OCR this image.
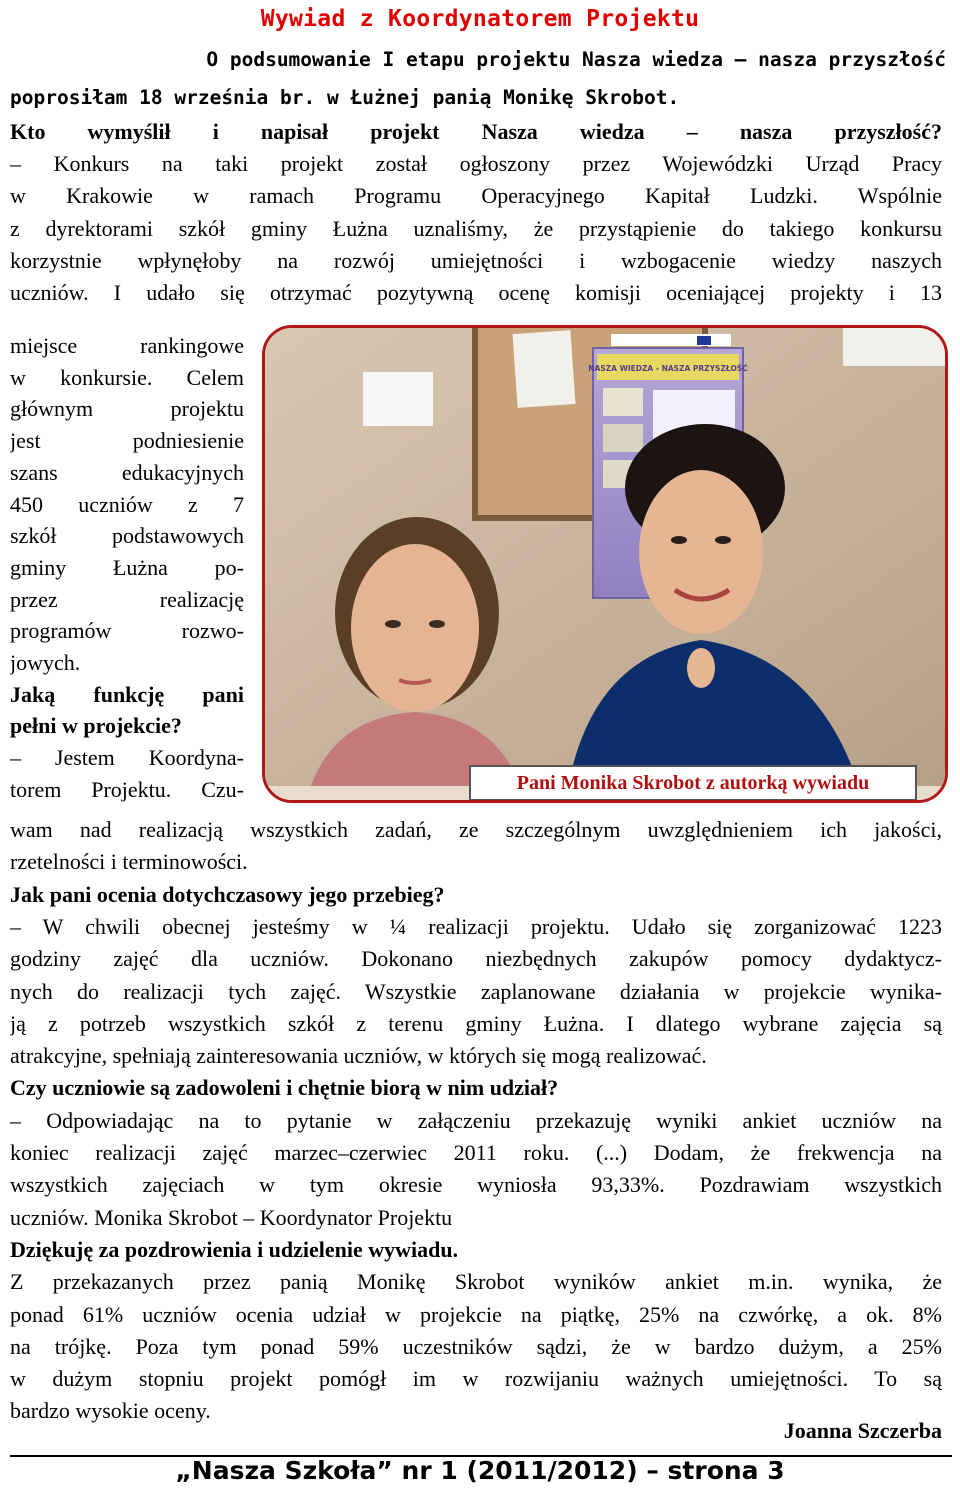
Wywiad z Koordynatorem Projektu
O podsumowanie I etapu projektu Nasza wiedza – nasza przyszłość
poprosiłam 18 września br. w Łużnej panią Monikę Skrobot.
Kto wymyślił i napisał projekt Nasza wiedza – nasza przyszłość?
– Konkurs na taki projekt został ogłoszony przez Wojewódzki Urząd Pracy
w Krakowie w ramach Programu Operacyjnego Kapitał Ludzki. Wspólnie
z dyrektorami szkół gminy Łużna uznaliśmy, że przystąpienie do takiego konkursu
korzystnie wpłynęłoby na rozwój umiejętności i wzbogacenie wiedzy naszych
uczniów. I udało się otrzymać pozytywną ocenę komisji oceniającej projekty i 13
miejsce rankingowe
w konkursie. Celem
głównym projektu
jest podniesienie
szans edukacyjnych
450 uczniów z 7
szkół podstawowych
gminy Łużna po-
przez realizację
programów rozwo-
jowych.
Jaką funkcję pani
pełni w projekcie?
– Jestem Koordyna-
torem Projektu. Czu-
wam nad realizacją wszystkich zadań, ze szczególnym uwzględnieniem ich jakości,
rzetelności i terminowości.
Jak pani ocenia dotychczasowy jego przebieg?
– W chwili obecnej jesteśmy w ¼ realizacji projektu. Udało się zorganizować 1223
godziny zajęć dla uczniów. Dokonano niezbędnych zakupów pomocy dydaktycz-
nych do realizacji tych zajęć. Wszystkie zaplanowane działania w projekcie wynika-
ją z potrzeb wszystkich szkół z terenu gminy Łużna. I dlatego wybrane zajęcia są
atrakcyjne, spełniają zainteresowania uczniów, w których się mogą realizować.
Czy uczniowie są zadowoleni i chętnie biorą w nim udział?
– Odpowiadając na to pytanie w załączeniu przekazuję wyniki ankiet uczniów na
koniec realizacji zajęć marzec–czerwiec 2011 roku. (...) Dodam, że frekwencja na
wszystkich zajęciach w tym okresie wyniosła 93,33%. Pozdrawiam wszystkich
uczniów. Monika Skrobot – Koordynator Projektu
Dziękuję za pozdrowienia i udzielenie wywiadu.
Z przekazanych przez panią Monikę Skrobot wyników ankiet m.in. wynika, że
ponad 61% uczniów ocenia udział w projekcie na piątkę, 25% na czwórkę, a ok. 8%
na trójkę. Poza tym ponad 59% uczestników sądzi, że w bardzo dużym, a 25%
w dużym stopniu projekt pomógł im w rozwijaniu ważnych umiejętności. To są
bardzo wysokie oceny.
NASZA WIEDZA - NASZA PRZYSZŁOŚĆ
Pani Monika Skrobot z autorką wywiadu
Joanna Szczerba
„Nasza Szkoła” nr 1 (2011/2012) – strona 3
